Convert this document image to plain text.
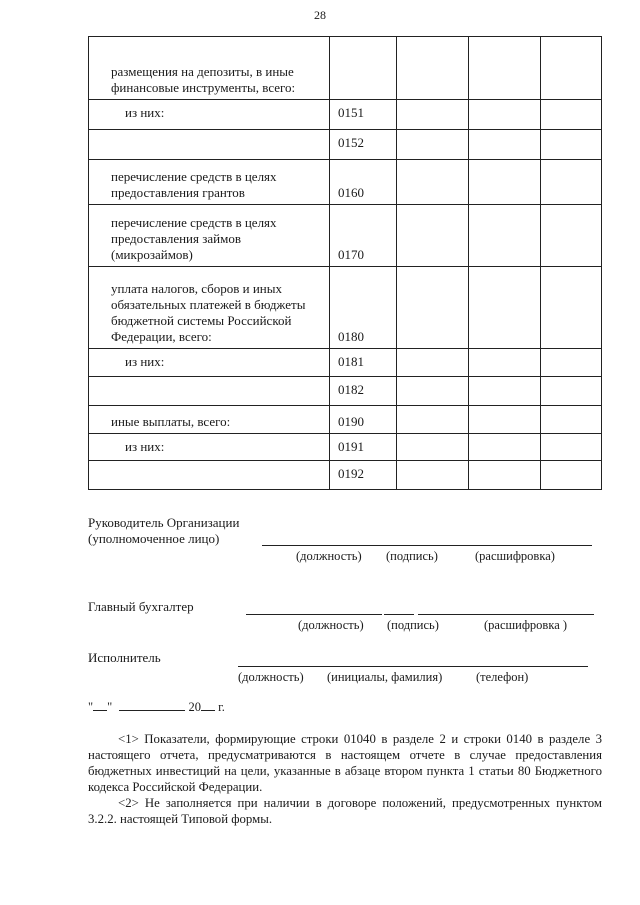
28
размещения на депозиты, в иные финансовые инструменты, всего:				
из них:	0151			
	0152			
перечисление средств в целях предоставления грантов	0160			
перечисление средств в целях предоставления займов (микрозаймов)	0170			
уплата налогов, сборов и иных обязательных платежей в бюджеты бюджетной системы Российской Федерации, всего:	0180			
из них:	0181			
	0182			
иные выплаты, всего:	0190			
из них:	0191			
	0192			
Руководитель Организации
(уполномоченное лицо)
(должность) (подпись)	(расшифровка)
Главный бухгалтер
(должность) (подпись)	(расшифровка )
Исполнитель
(должность) (инициалы, фамилия)	(телефон)
" "	20 г.

<1> Показатели, формирующие строки 01040 в разделе 2 и строки 0140 в разделе 3 настоящего отчета, предусматриваются в настоящем отчете в случае предоставления бюджетных инвестиций на цели, указанные в абзаце втором пункта 1 статьи 80 Бюджетного кодекса Российской Федерации.

<2> Не заполняется при наличии в договоре положений, предусмотренных пунктом 3.2.2. настоящей Типовой формы.
